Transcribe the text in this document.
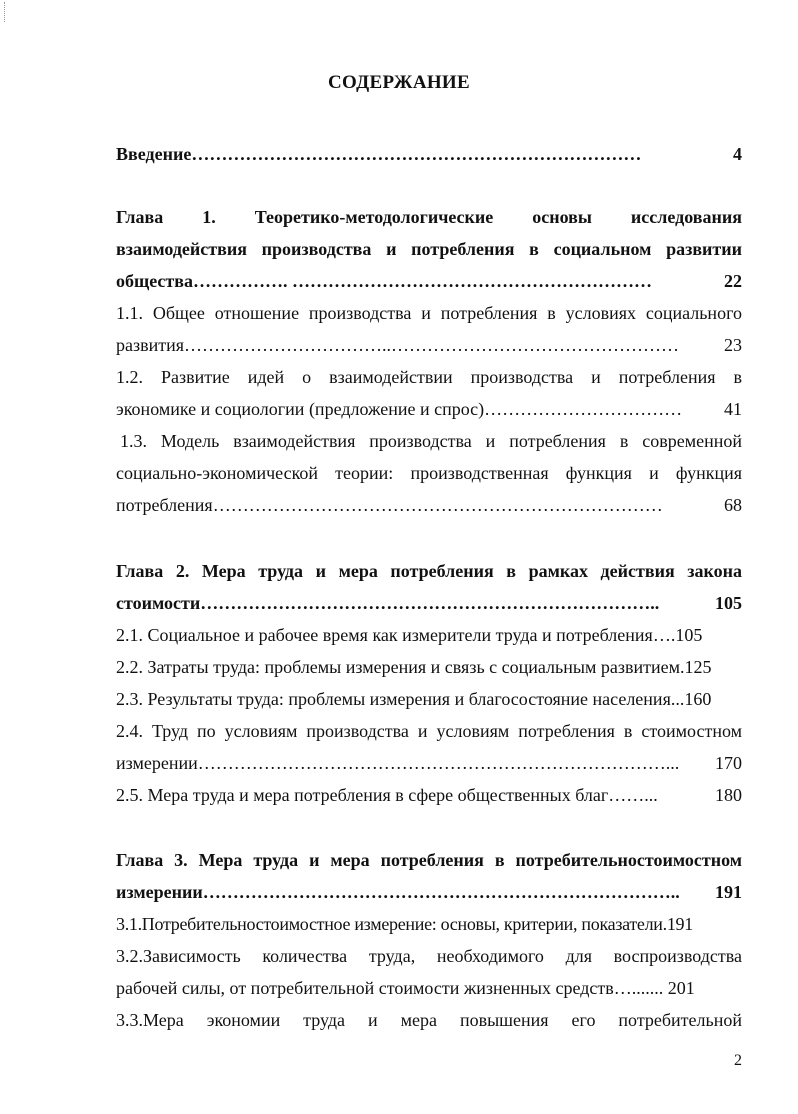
СОДЕРЖАНИЕ
Введение …………………………………………………………………	4
Глава 1. Теоретико-методологические основы исследования
взаимодействия производства и потребления в социальном развитии
общества ……………. ……………………………………………………	22
1.1. Общее отношение производства и потребления в условиях социального
развития ……………………………..…………………………………………	23
1.2. Развитие идей о взаимодействии производства и потребления в
экономике и социологии (предложение и спрос) ……………………………	41
1.3. Модель взаимодействия производства и потребления в современной
социально-экономической теории: производственная функция и функция
потребления …………………………………………………………………	68
Глава 2. Мера труда и мера потребления в рамках действия закона
стоимости …………………………………………………………………..	105
2.1. Социальное и рабочее время как измерители труда и потребления….105
2.2. Затраты труда: проблемы измерения и связь с социальным развитием.125
2.3. Результаты труда: проблемы измерения и благосостояние населения...160
2.4. Труд по условиям производства и условиям потребления в стоимостном
измерении ……………………………………………………………………...	170
2.5. Мера труда и мера потребления в сфере общественных благ……...	180
Глава 3. Мера труда и мера потребления в потребительностоимостном
измерении ……………………………………………………………………..	191
3.1.Потребительностоимостное измерение: основы, критерии, показатели.191
3.2.Зависимость количества труда, необходимого для воспроизводства
рабочей силы, от потребительной стоимости жизненных средств…....... 201
3.3.Мера экономии труда и мера повышения его потребительной
2
